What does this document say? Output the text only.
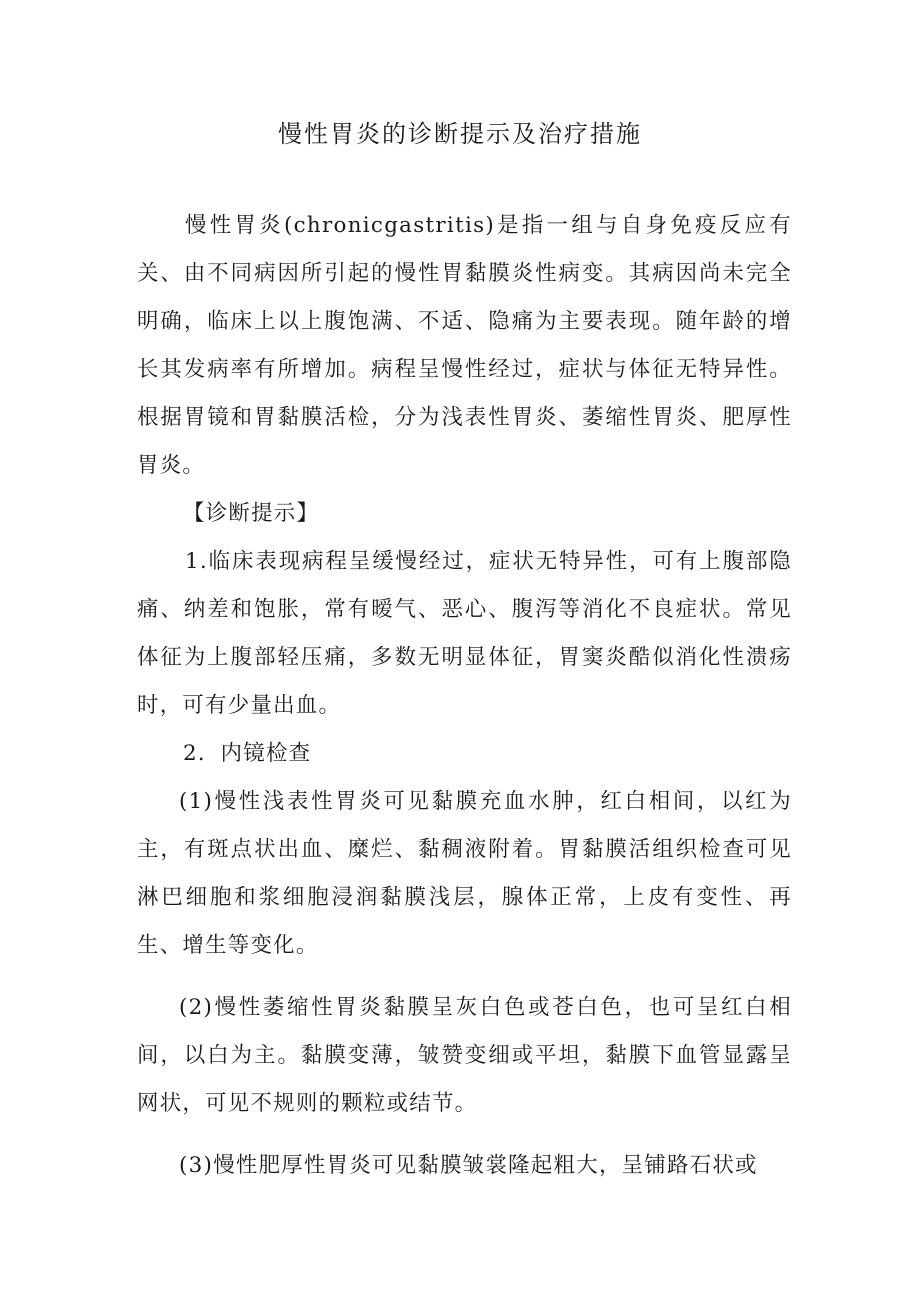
慢性胃炎的诊断提示及治疗措施

慢性胃炎(chronicgastritis)是指一组与自身免疫反应有关、由不同病因所引起的慢性胃黏膜炎性病变。其病因尚未完全明确，临床上以上腹饱满、不适、隐痛为主要表现。随年龄的增长其发病率有所增加。病程呈慢性经过，症状与体征无特异性。根据胃镜和胃黏膜活检，分为浅表性胃炎、萎缩性胃炎、肥厚性胃炎。

【诊断提示】

1.临床表现病程呈缓慢经过，症状无特异性，可有上腹部隐痛、纳差和饱胀，常有暧气、恶心、腹泻等消化不良症状。常见体征为上腹部轻压痛，多数无明显体征，胃窦炎酷似消化性溃疡时，可有少量出血。

2．内镜检查

(1)慢性浅表性胃炎可见黏膜充血水肿，红白相间，以红为主，有斑点状出血、糜烂、黏稠液附着。胃黏膜活组织检查可见淋巴细胞和浆细胞浸润黏膜浅层，腺体正常，上皮有变性、再生、增生等变化。

(2)慢性萎缩性胃炎黏膜呈灰白色或苍白色，也可呈红白相间，以白为主。黏膜变薄，皱赞变细或平坦，黏膜下血管显露呈网状，可见不规则的颗粒或结节。

(3)慢性肥厚性胃炎可见黏膜皱裳隆起粗大，呈铺路石状或
